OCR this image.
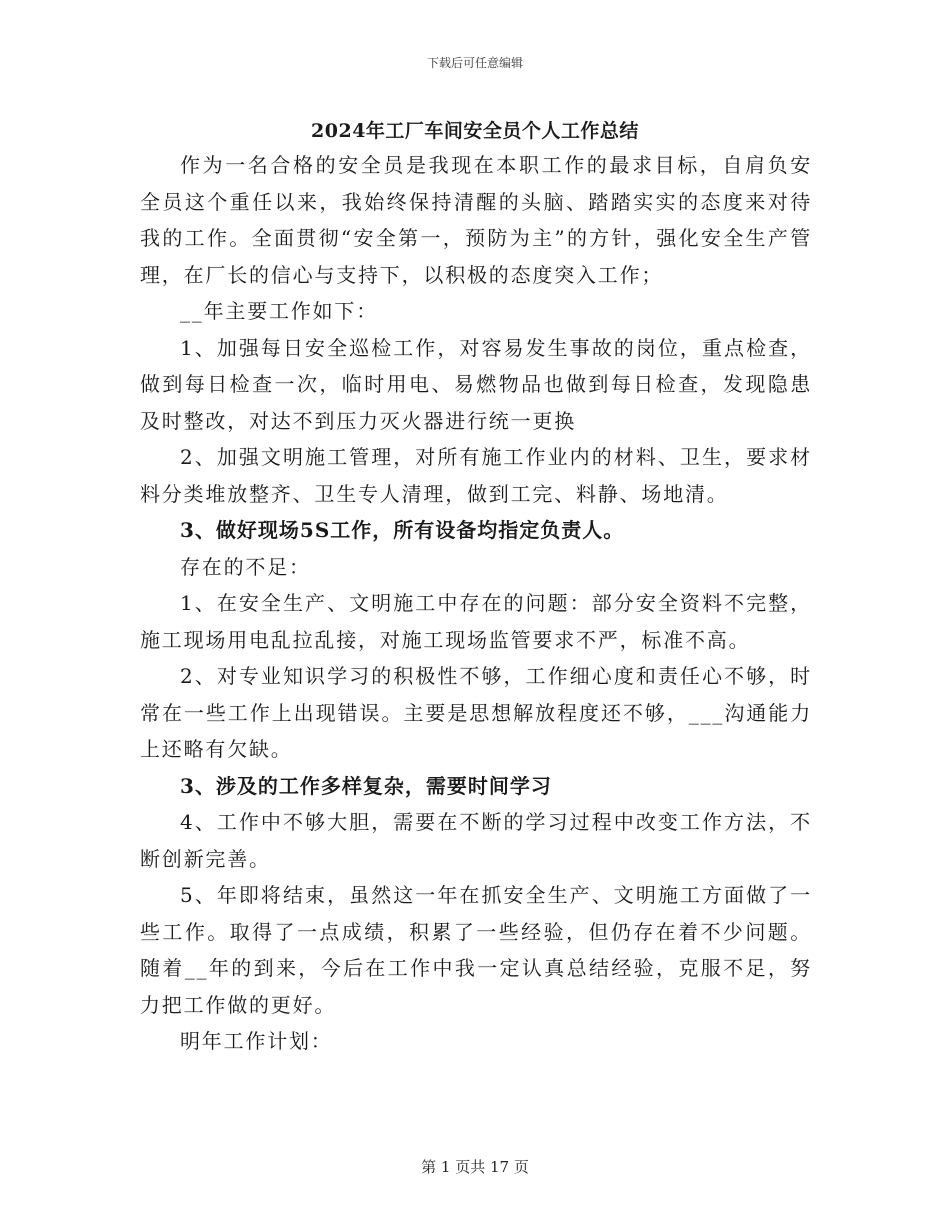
下载后可任意编辑
2024年工厂车间安全员个人工作总结

作为一名合格的安全员是我现在本职工作的最求目标，自肩负安全员这个重任以来，我始终保持清醒的头脑、踏踏实实的态度来对待我的工作。全面贯彻“安全第一，预防为主”的方针，强化安全生产管理，在厂长的信心与支持下，以积极的态度突入工作；

__年主要工作如下：

1、加强每日安全巡检工作，对容易发生事故的岗位，重点检查，做到每日检查一次，临时用电、易燃物品也做到每日检查，发现隐患及时整改，对达不到压力灭火器进行统一更换

2、加强文明施工管理，对所有施工作业内的材料、卫生，要求材料分类堆放整齐、卫生专人清理，做到工完、料静、场地清。

3、做好现场5S工作，所有设备均指定负责人。

存在的不足：

1、在安全生产、文明施工中存在的问题：部分安全资料不完整，施工现场用电乱拉乱接，对施工现场监管要求不严，标准不高。

2、对专业知识学习的积极性不够，工作细心度和责任心不够，时常在一些工作上出现错误。主要是思想解放程度还不够，___沟通能力上还略有欠缺。

3、涉及的工作多样复杂，需要时间学习

4、工作中不够大胆，需要在不断的学习过程中改变工作方法，不断创新完善。

5、年即将结束，虽然这一年在抓安全生产、文明施工方面做了一些工作。取得了一点成绩，积累了一些经验，但仍存在着不少问题。随着__年的到来，今后在工作中我一定认真总结经验，克服不足，努力把工作做的更好。

明年工作计划：

第 1 页共 17 页
